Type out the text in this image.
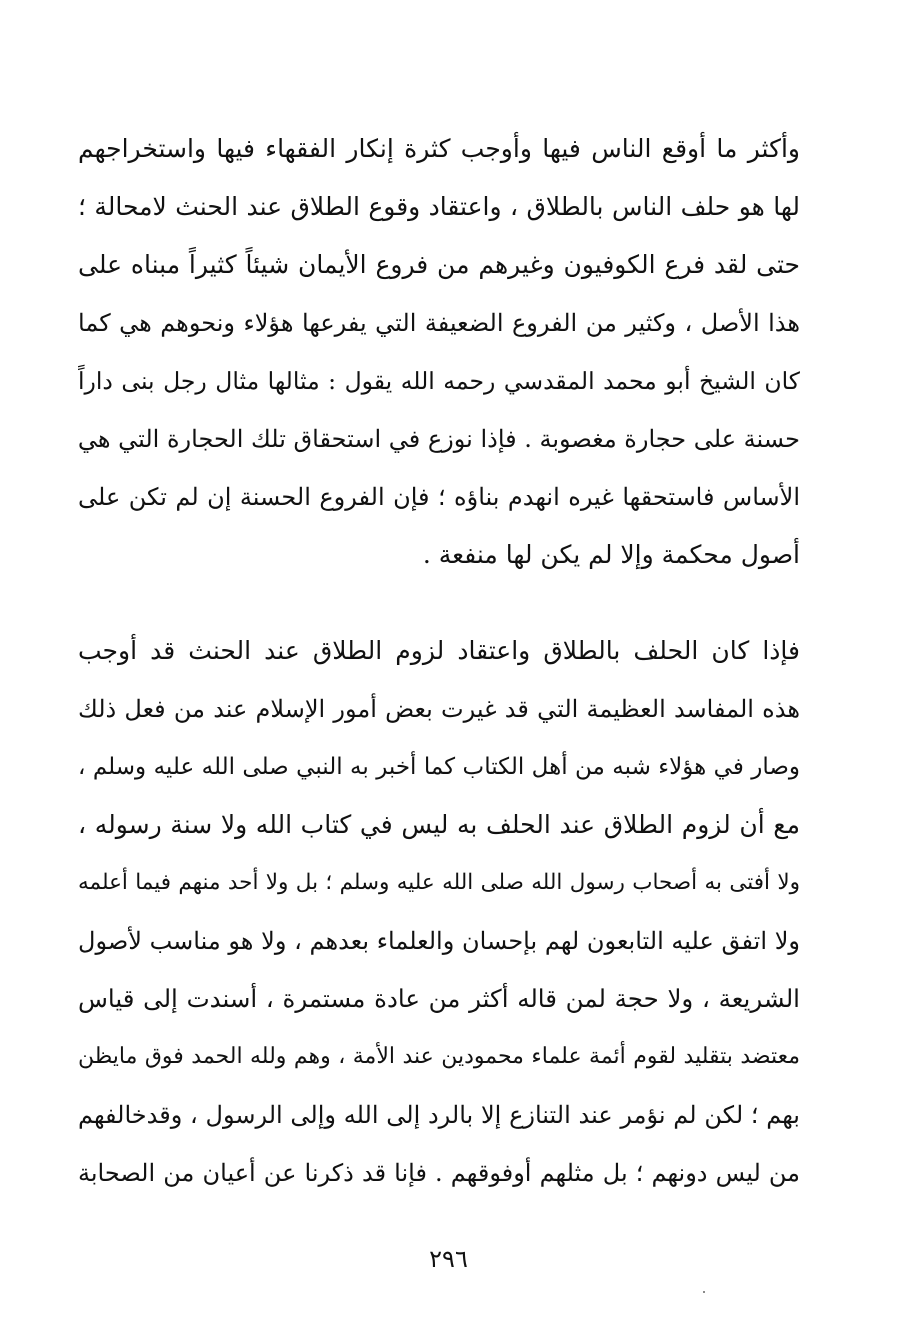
وأكثر ما أوقع الناس فيها وأوجب كثرة إنكار الفقهاء فيها واستخراجهم
لها هو حلف الناس بالطلاق ، واعتقاد وقوع الطلاق عند الحنث لامحالة ؛
حتى لقد فرع الكوفيون وغيرهم من فروع الأيمان شيئاً كثيراً مبناه على
هذا الأصل ، وكثير من الفروع الضعيفة التي يفرعها هؤلاء ونحوهم هي كما
كان الشيخ أبو محمد المقدسي رحمه الله يقول : مثالها مثال رجل بنى داراً
حسنة على حجارة مغصوبة . فإذا نوزع في استحقاق تلك الحجارة التي هي
الأساس فاستحقها غيره انهدم بناؤه ؛ فإن الفروع الحسنة إن لم تكن على
أصول محكمة وإلا لم يكن لها منفعة .
فإذا كان الحلف بالطلاق واعتقاد لزوم الطلاق عند الحنث قد أوجب
هذه المفاسد العظيمة التي قد غيرت بعض أمور الإسلام عند من فعل ذلك
وصار في هؤلاء شبه من أهل الكتاب كما أخبر به النبي صلى الله عليه وسلم ،
مع أن لزوم الطلاق عند الحلف به ليس في كتاب الله ولا سنة رسوله ،
ولا أفتى به أصحاب رسول الله صلى الله عليه وسلم ؛ بل ولا أحد منهم فيما أعلمه
ولا اتفق عليه التابعون لهم بإحسان والعلماء بعدهم ، ولا هو مناسب لأصول
الشريعة ، ولا حجة لمن قاله أكثر من عادة مستمرة ، أسندت إلى قياس
معتضد بتقليد لقوم أئمة علماء محمودين عند الأمة ، وهم ولله الحمد فوق مايظن
بهم ؛ لكن لم نؤمر عند التنازع إلا بالرد إلى الله وإلى الرسول ، وقدخالفهم
من ليس دونهم ؛ بل مثلهم أوفوقهم . فإنا قد ذكرنا عن أعيان من الصحابة
٢٩٦
